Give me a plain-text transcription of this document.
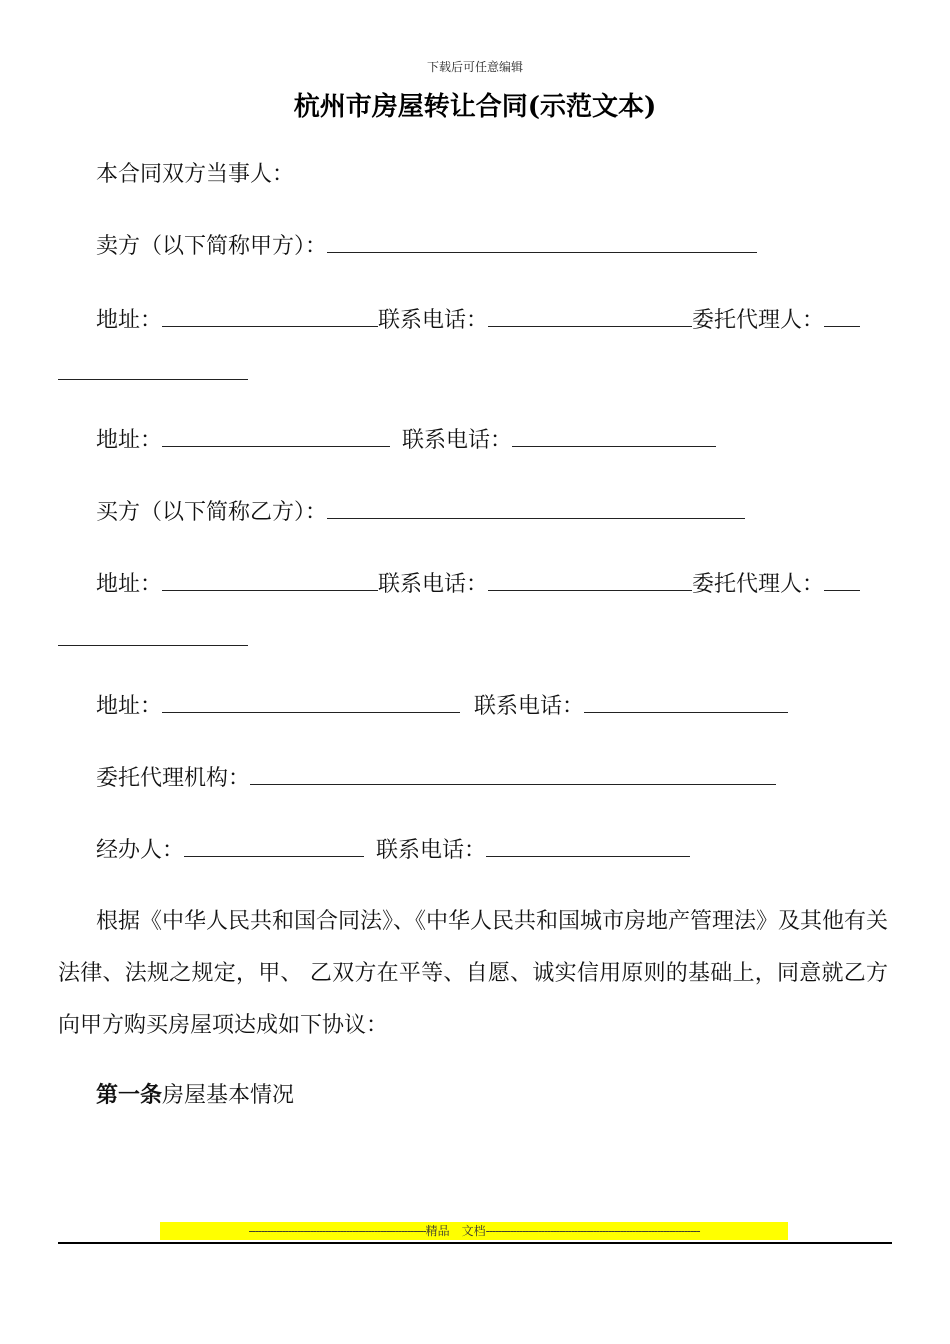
下载后可任意编辑
杭州市房屋转让合同(示范文本)
本合同双方当事人：
卖方（以下简称甲方）：
地址：	联系电话：	委托代理人：
地址：	联系电话：
买方（以下简称乙方）：
地址：	联系电话：	委托代理人：
地址：	联系电话：
委托代理机构：
经办人：	联系电话：
根据《中华人民共和国合同法》、《中华人民共和国城市房地产管理法》及其他有关法律、法规之规定，甲、 乙双方在平等、自愿、诚实信用原则的基础上，同意就乙方向甲方购买房屋项达成如下协议：
第一条房屋基本情况
----------------------------------------------------------精品　文档----------------------------------------------------------------------
